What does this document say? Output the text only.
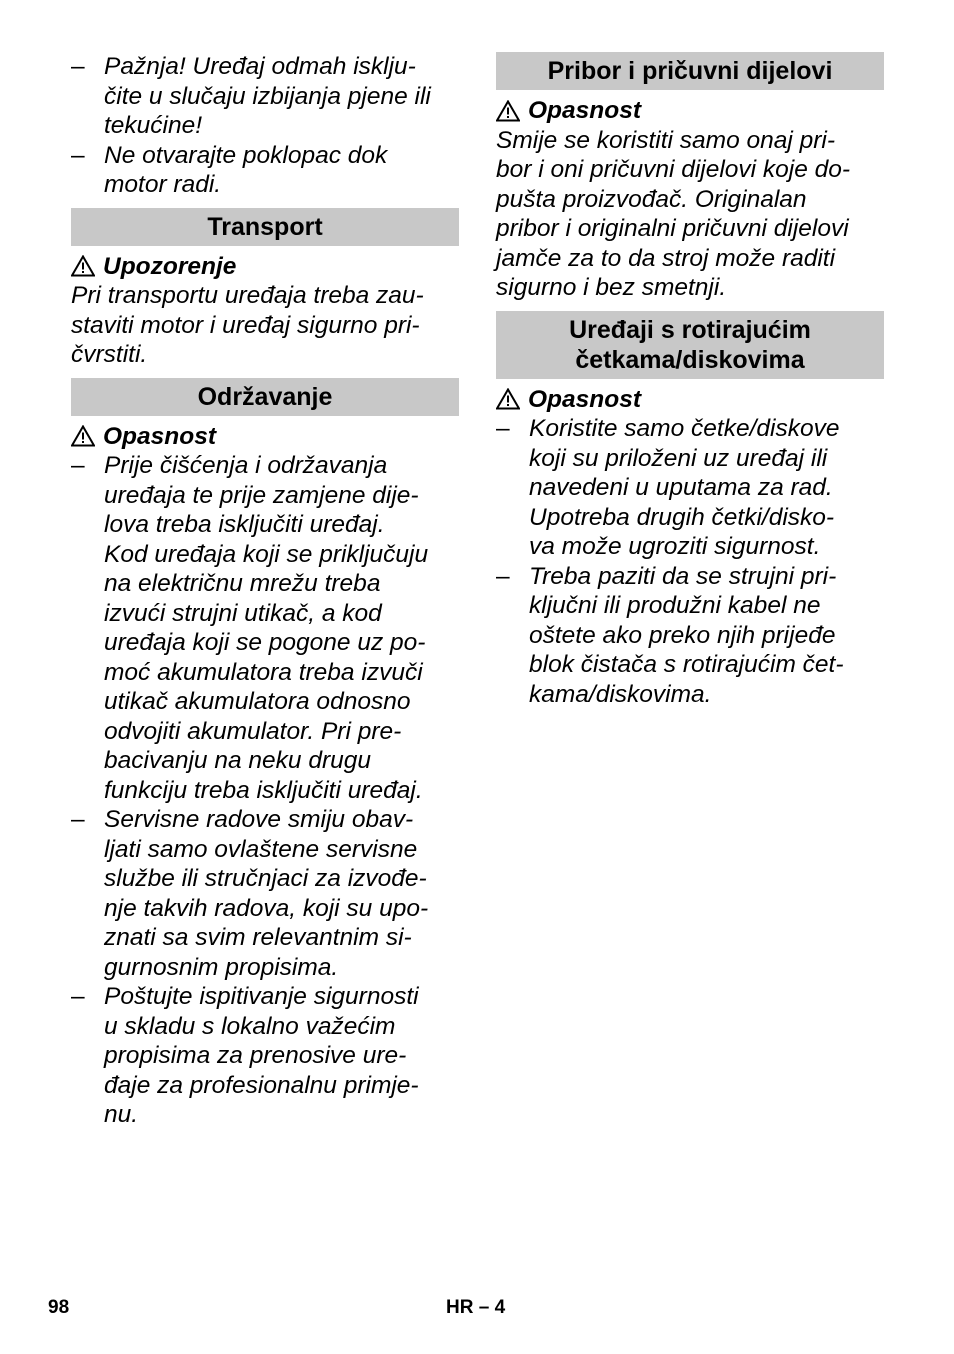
– Pažnja! Uređaj odmah isklju-
čite u slučaju izbijanja pjene ili
tekućine!
– Ne otvarajte poklopac dok
motor radi.
Transport
Upozorenje
Pri transportu uređaja treba zau-
staviti motor i uređaj sigurno pri-
čvrstiti.
Održavanje
Opasnost
– Prije čišćenja i održavanja
uređaja te prije zamjene dije-
lova treba isključiti uređaj.
Kod uređaja koji se priključuju
na električnu mrežu treba
izvući strujni utikač, a kod
uređaja koji se pogone uz po-
moć akumulatora treba izvuči
utikač akumulatora odnosno
odvojiti akumulator. Pri pre-
bacivanju na neku drugu
funkciju treba isključiti uređaj.
– Servisne radove smiju obav-
ljati samo ovlaštene servisne
službe ili stručnjaci za izvođe-
nje takvih radova, koji su upo-
znati sa svim relevantnim si-
gurnosnim propisima.
– Poštujte ispitivanje sigurnosti
u skladu s lokalno važećim
propisima za prenosive ure-
đaje za profesionalnu primje-
nu.
Pribor i pričuvni dijelovi
Opasnost
Smije se koristiti samo onaj pri-
bor i oni pričuvni dijelovi koje do-
pušta proizvođač. Originalan
pribor i originalni pričuvni dijelovi
jamče za to da stroj može raditi
sigurno i bez smetnji.
Uređaji s rotirajućim
četkama/diskovima
Opasnost
– Koristite samo četke/diskove
koji su priloženi uz uređaj ili
navedeni u uputama za rad.
Upotreba drugih četki/disko-
va može ugroziti sigurnost.
– Treba paziti da se strujni pri-
ključni ili produžni kabel ne
oštete ako preko njih prijeđe
blok čistača s rotirajućim čet-
kama/diskovima.
98	HR – 4
